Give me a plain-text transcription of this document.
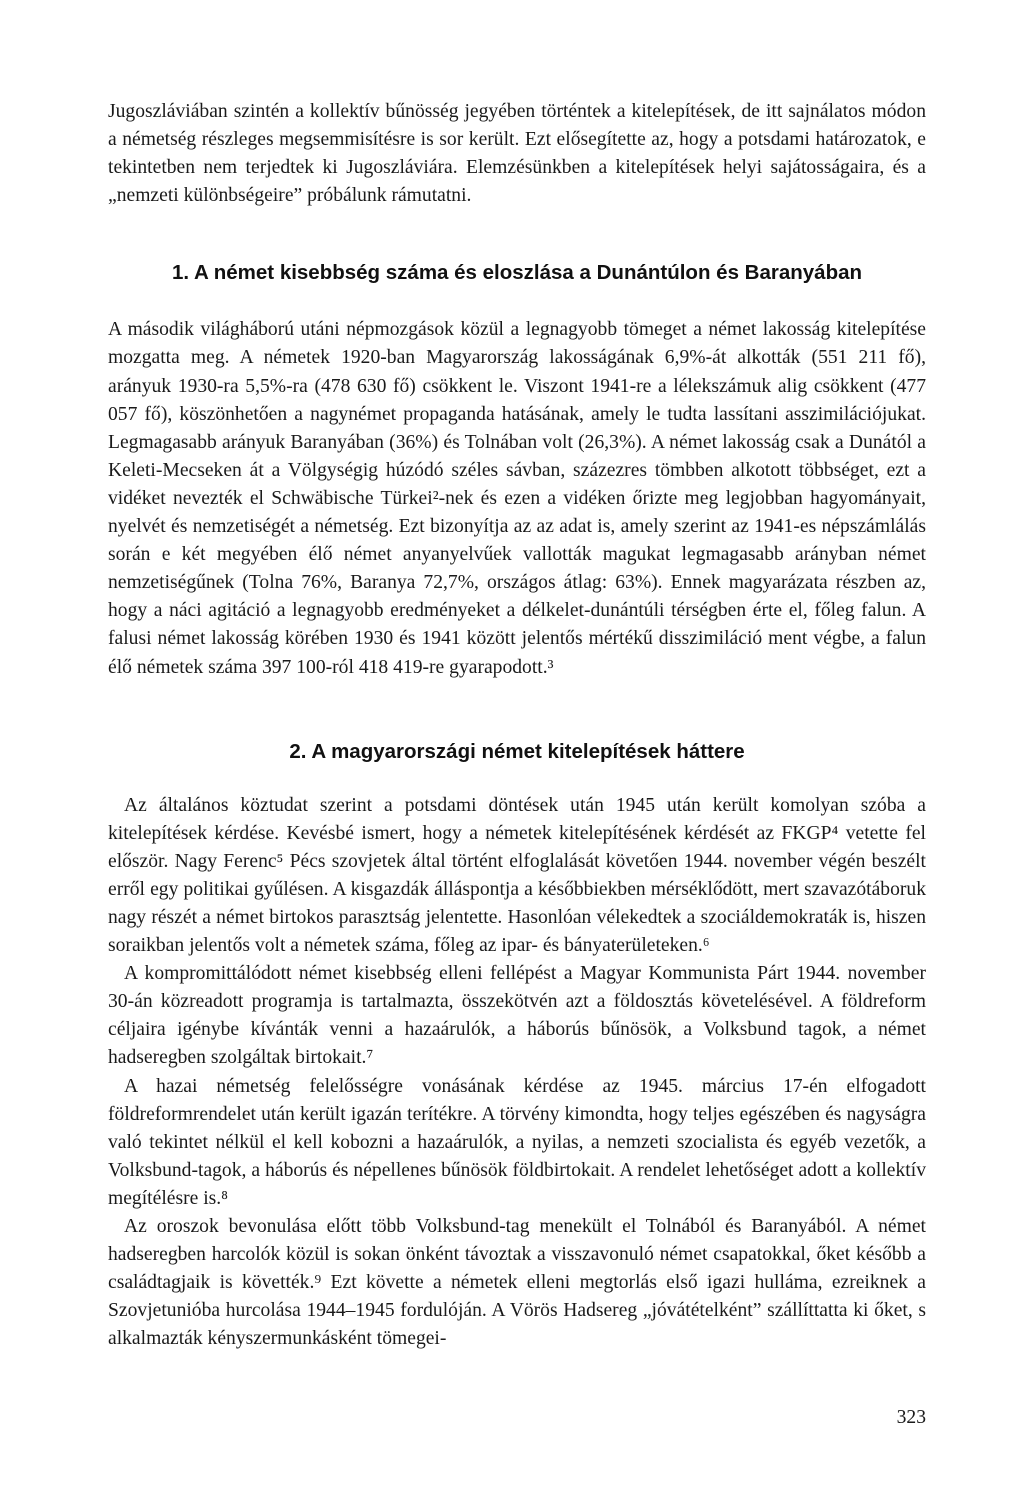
Jugoszláviában szintén a kollektív bűnösség jegyében történtek a kitelepítések, de itt sajnálatos módon a németség részleges megsemmisítésre is sor került. Ezt elősegítette az, hogy a potsdami határozatok, e tekintetben nem terjedtek ki Jugoszláviára. Elemzésünkben a kitelepítések helyi sajátosságaira, és a „nemzeti különbségeire” próbálunk rámutatni.

1. A német kisebbség száma és eloszlása a Dunántúlon és Baranyában

A második világháború utáni népmozgások közül a legnagyobb tömeget a német lakosság kitelepítése mozgatta meg. A németek 1920-ban Magyarország lakosságának 6,9%-át alkották (551 211 fő), arányuk 1930-ra 5,5%-ra (478 630 fő) csökkent le. Viszont 1941-re a lélekszámuk alig csökkent (477 057 fő), köszönhetően a nagynémet propaganda hatásának, amely le tudta lassítani asszimilációjukat. Legmagasabb arányuk Baranyában (36%) és Tolnában volt (26,3%). A német lakosság csak a Dunától a Keleti-Mecseken át a Völgységig húzódó széles sávban, százezres tömbben alkotott többséget, ezt a vidéket nevezték el Schwäbische Türkei²-nek és ezen a vidéken őrizte meg legjobban hagyományait, nyelvét és nemzetiségét a németség. Ezt bizonyítja az az adat is, amely szerint az 1941-es népszámlálás során e két megyében élő német anyanyelvűek vallották magukat legmagasabb arányban német nemzetiségűnek (Tolna 76%, Baranya 72,7%, országos átlag: 63%). Ennek magyarázata részben az, hogy a náci agitáció a legnagyobb eredményeket a délkelet-dunántúli térségben érte el, főleg falun. A falusi német lakosság körében 1930 és 1941 között jelentős mértékű disszimiláció ment végbe, a falun élő németek száma 397 100-ról 418 419-re gyarapodott.³

2. A magyarországi német kitelepítések háttere

Az általános köztudat szerint a potsdami döntések után 1945 után került komolyan szóba a kitelepítések kérdése. Kevésbé ismert, hogy a németek kitelepítésének kérdését az FKGP⁴ vetette fel először. Nagy Ferenc⁵ Pécs szovjetek által történt elfoglalását követően 1944. november végén beszélt erről egy politikai gyűlésen. A kisgazdák álláspontja a későbbiekben mérséklődött, mert szavazótáboruk nagy részét a német birtokos parasztság jelentette. Hasonlóan vélekedtek a szociáldemokraták is, hiszen soraikban jelentős volt a németek száma, főleg az ipar- és bányaterületeken.⁶

A kompromittálódott német kisebbség elleni fellépést a Magyar Kommunista Párt 1944. november 30-án közreadott programja is tartalmazta, összekötvén azt a földosztás követelésével. A földreform céljaira igénybe kívánták venni a hazaárulók, a háborús bűnösök, a Volksbund tagok, a német hadseregben szolgáltak birtokait.⁷

A hazai németség felelősségre vonásának kérdése az 1945. március 17-én elfogadott földreformrendelet után került igazán terítékre. A törvény kimondta, hogy teljes egészében és nagyságra való tekintet nélkül el kell kobozni a hazaárulók, a nyilas, a nemzeti szocialista és egyéb vezetők, a Volksbund-tagok, a háborús és népellenes bűnösök földbirtokait. A rendelet lehetőséget adott a kollektív megítélésre is.⁸

Az oroszok bevonulása előtt több Volksbund-tag menekült el Tolnából és Baranyából. A német hadseregben harcolók közül is sokan önként távoztak a visszavonuló német csapatokkal, őket később a családtagjaik is követték.⁹ Ezt követte a németek elleni megtorlás első igazi hulláma, ezreiknek a Szovjetunióba hurcolása 1944–1945 fordulóján. A Vörös Hadsereg „jóvátételként” szállíttatta ki őket, s alkalmazták kényszermunkásként tömegei-

323
